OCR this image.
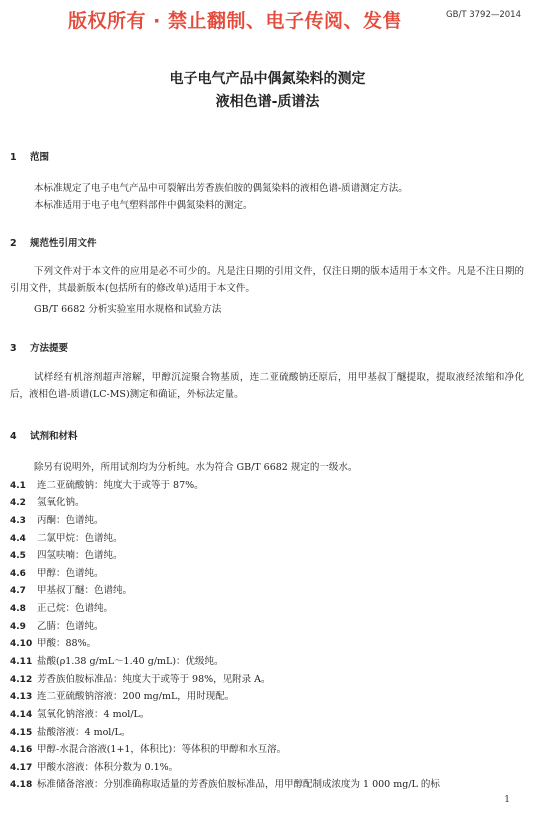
版权所有 · 禁止翻制、电子传阅、发售	GB/T 3792—2014
电子电气产品中偶氮染料的测定
液相色谱-质谱法
1 范围
本标准规定了电子电气产品中可裂解出芳香族伯胺的偶氮染料的液相色谱-质谱测定方法。
本标准适用于电子电气塑料部件中偶氮染料的测定。
2 规范性引用文件

下列文件对于本文件的应用是必不可少的。凡是注日期的引用文件，仅注日期的版本适用于本文件。凡是不注日期的引用文件，其最新版本(包括所有的修改单)适用于本文件。

GB/T 6682 分析实验室用水规格和试验方法
3 方法提要

试样经有机溶剂超声溶解，甲醇沉淀聚合物基质，连二亚硫酸钠还原后，用甲基叔丁醚提取，提取液经浓缩和净化后，液相色谱-质谱(LC-MS)测定和确证，外标法定量。

4 试剂和材料
除另有说明外，所用试剂均为分析纯。水为符合 GB/T 6682 规定的一级水。
4.1 连二亚硫酸钠：纯度大于或等于 87%。
4.2 氢氧化钠。
4.3 丙酮：色谱纯。
4.4 二氯甲烷：色谱纯。
4.5 四氢呋喃：色谱纯。
4.6 甲醇：色谱纯。
4.7 甲基叔丁醚：色谱纯。
4.8 正己烷：色谱纯。
4.9 乙腈：色谱纯。
4.10 甲酸：88%。
4.11 盐酸(ρ1.38 g/mL～1.40 g/mL)：优级纯。
4.12 芳香族伯胺标准品：纯度大于或等于 98%，见附录 A。
4.13 连二亚硫酸钠溶液：200 mg/mL，用时现配。
4.14 氢氧化钠溶液：4 mol/L。
4.15 盐酸溶液：4 mol/L。
4.16 甲醇-水混合溶液(1+1，体积比)：等体积的甲醇和水互溶。
4.17 甲酸水溶液：体积分数为 0.1%。
4.18 标准储备溶液：分别准确称取适量的芳香族伯胺标准品，用甲醇配制成浓度为 1 000 mg/L 的标
1
